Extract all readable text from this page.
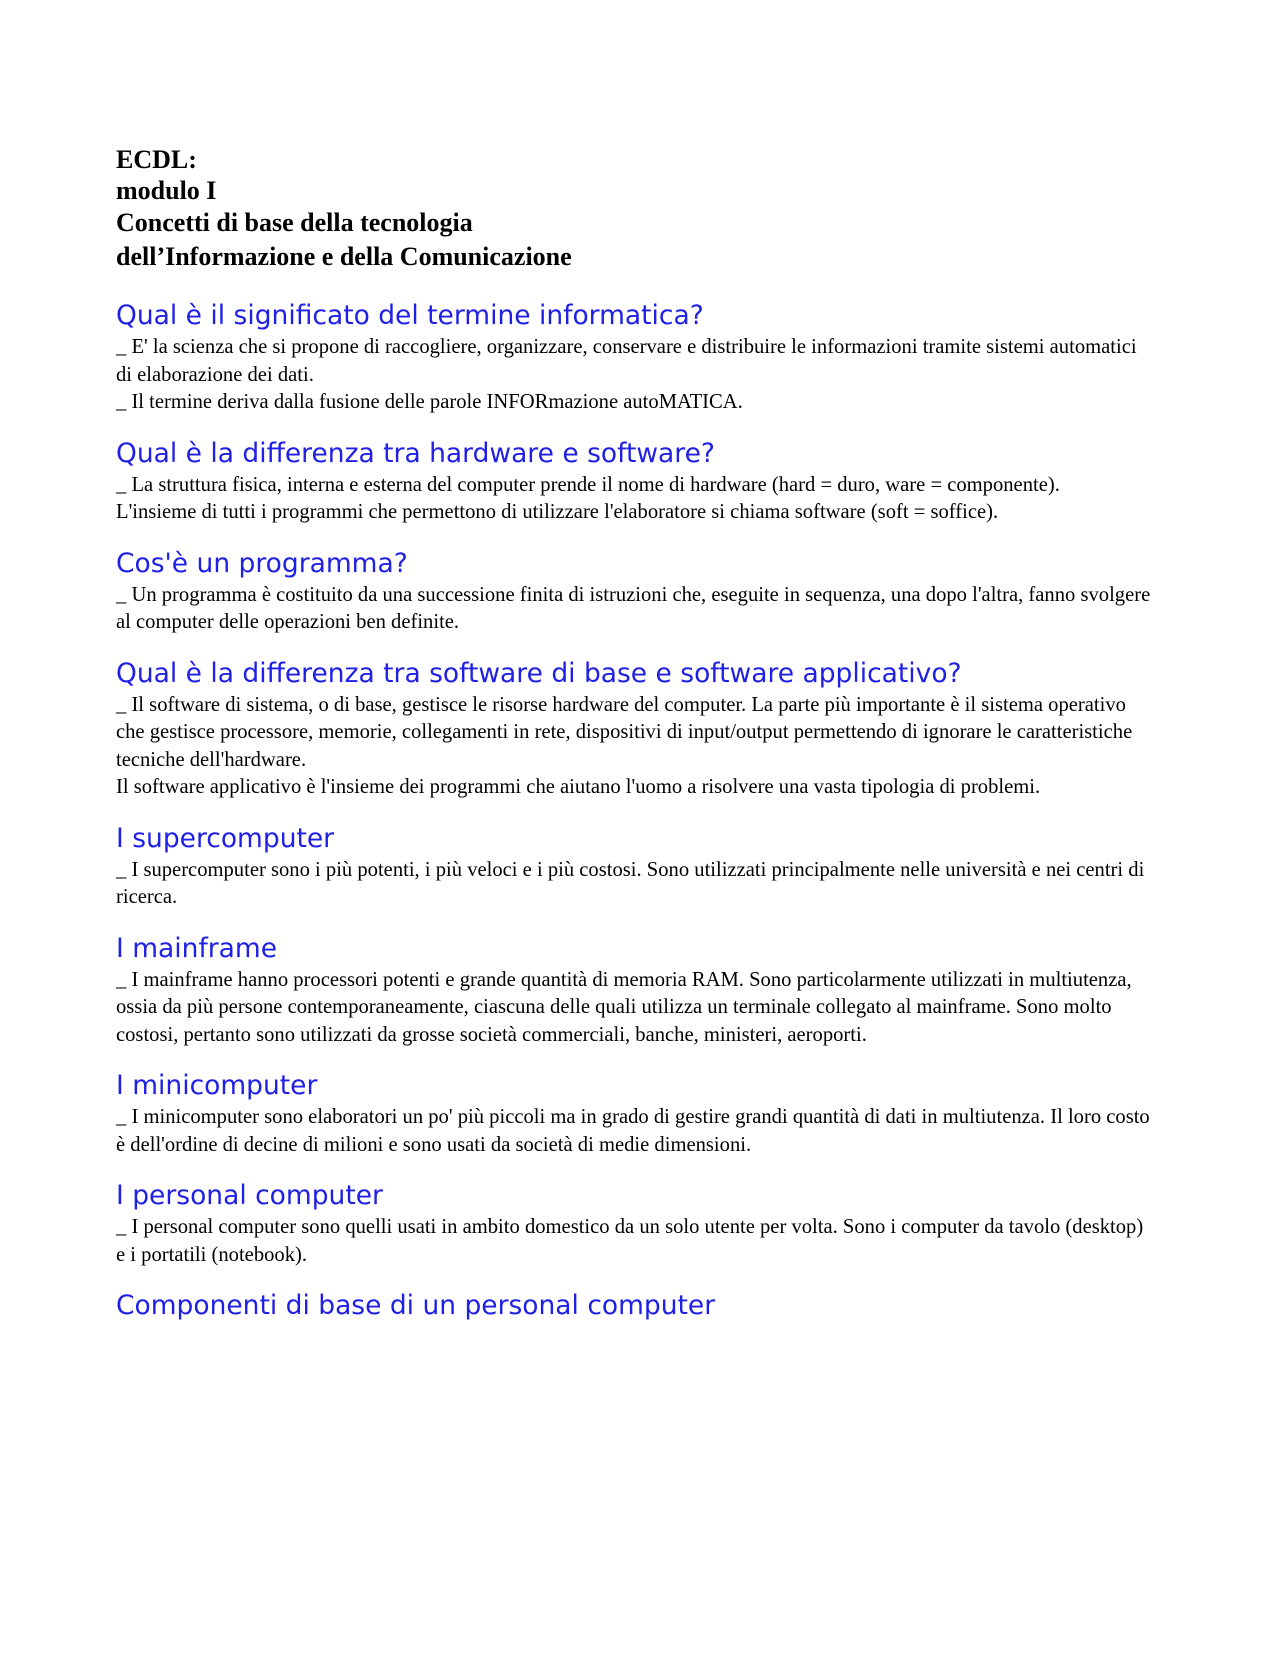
ECDL:
modulo I
Concetti di base della tecnologia
dell’Informazione e della Comunicazione
Qual è il significato del termine informatica?

_ E' la scienza che si propone di raccogliere, organizzare, conservare e distribuire le informazioni tramite sistemi automatici di elaborazione dei dati.

_ Il termine deriva dalla fusione delle parole INFORmazione autoMATICA.

Qual è la differenza tra hardware e software?

_ La struttura fisica, interna e esterna del computer prende il nome di hardware (hard = duro, ware = componente).

L'insieme di tutti i programmi che permettono di utilizzare l'elaboratore si chiama software (soft = soffice).

Cos'è un programma?

_ Un programma è costituito da una successione finita di istruzioni che, eseguite in sequenza, una dopo l'altra, fanno svolgere al computer delle operazioni ben definite.

Qual è la differenza tra software di base e software applicativo?

_ Il software di sistema, o di base, gestisce le risorse hardware del computer. La parte più importante è il sistema operativo che gestisce processore, memorie, collegamenti in rete, dispositivi di input/output permettendo di ignorare le caratteristiche tecniche dell'hardware.

Il software applicativo è l'insieme dei programmi che aiutano l'uomo a risolvere una vasta tipologia di problemi.

I supercomputer

_ I supercomputer sono i più potenti, i più veloci e i più costosi. Sono utilizzati principalmente nelle università e nei centri di ricerca.

I mainframe

_ I mainframe hanno processori potenti e grande quantità di memoria RAM. Sono particolarmente utilizzati in multiutenza, ossia da più persone contemporaneamente, ciascuna delle quali utilizza un terminale collegato al mainframe. Sono molto costosi, pertanto sono utilizzati da grosse società commerciali, banche, ministeri, aeroporti.

I minicomputer

_ I minicomputer sono elaboratori un po' più piccoli ma in grado di gestire grandi quantità di dati in multiutenza. Il loro costo è dell'ordine di decine di milioni e sono usati da società di medie dimensioni.

I personal computer

_ I personal computer sono quelli usati in ambito domestico da un solo utente per volta. Sono i computer da tavolo (desktop) e i portatili (notebook).

Componenti di base di un personal computer
